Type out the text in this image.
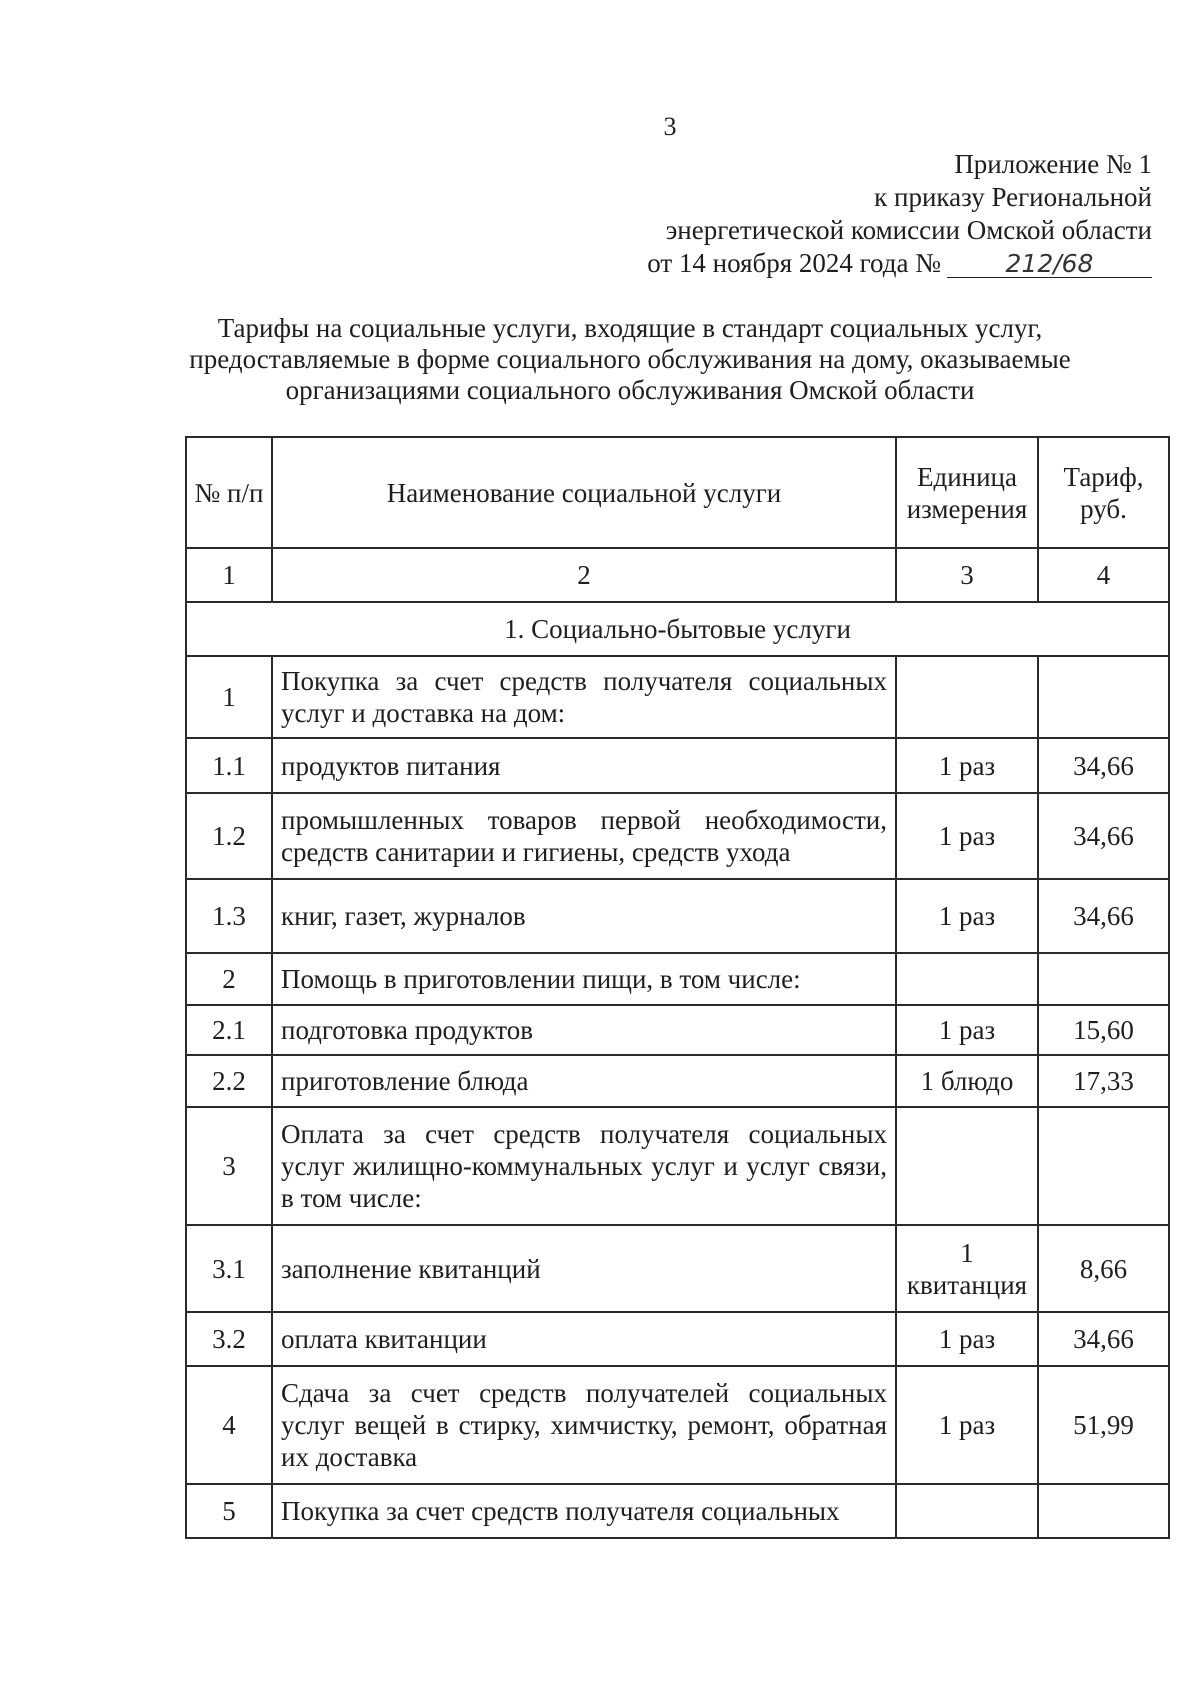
3
Приложение № 1
к приказу Региональной
энергетической комиссии Омской области
от 14 ноября 2024 года №	212/68
Тарифы на социальные услуги, входящие в стандарт социальных услуг,
предоставляемые в форме социального обслуживания на дому, оказываемые
организациями социального обслуживания Омской области
№ п/п	Наименование социальной услуги	Единица измерения	Тариф, руб.
1	2	3	4
1. Социально-бытовые услуги			
1	Покупка за счет средств получателя социальных услуг и доставка на дом:		
1.1	продуктов питания	1 раз	34,66
1.2	промышленных товаров первой необходимости, средств санитарии и гигиены, средств ухода	1 раз	34,66
1.3	книг, газет, журналов	1 раз	34,66
2	Помощь в приготовлении пищи, в том числе:		
2.1	подготовка продуктов	1 раз	15,60
2.2	приготовление блюда	1 блюдо	17,33
3	Оплата за счет средств получателя социальных услуг жилищно-коммунальных услуг и услуг связи, в том числе:		
3.1	заполнение квитанций	1 квитанция	8,66
3.2	оплата квитанции	1 раз	34,66
4	Сдача за счет средств получателей социальных услуг вещей в стирку, химчистку, ремонт, обратная их доставка	1 раз	51,99
5	Покупка за счет средств получателя социальных		
